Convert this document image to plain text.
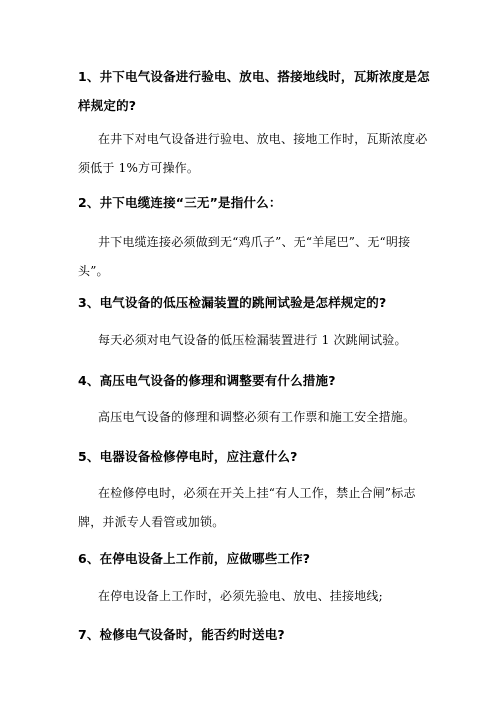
1、井下电气设备进行验电、放电、搭接地线时，瓦斯浓度是怎样规定的?
在井下对电气设备进行验电、放电、接地工作时，瓦斯浓度必须低于 1%方可操作。
2、井下电缆连接“三无”是指什么：
井下电缆连接必须做到无“鸡爪子”、无“羊尾巴”、无“明接头”。
3、电气设备的低压检漏装置的跳闸试验是怎样规定的?
每天必须对电气设备的低压检漏装置进行 1 次跳闸试验。
4、高压电气设备的修理和调整要有什么措施?
高压电气设备的修理和调整必须有工作票和施工安全措施。
5、电器设备检修停电时，应注意什么?
在检修停电时，必须在开关上挂“有人工作，禁止合闸”标志牌，并派专人看管或加锁。
6、在停电设备上工作前，应做哪些工作?
在停电设备上工作时，必须先验电、放电、挂接地线;
7、检修电气设备时，能否约时送电?
